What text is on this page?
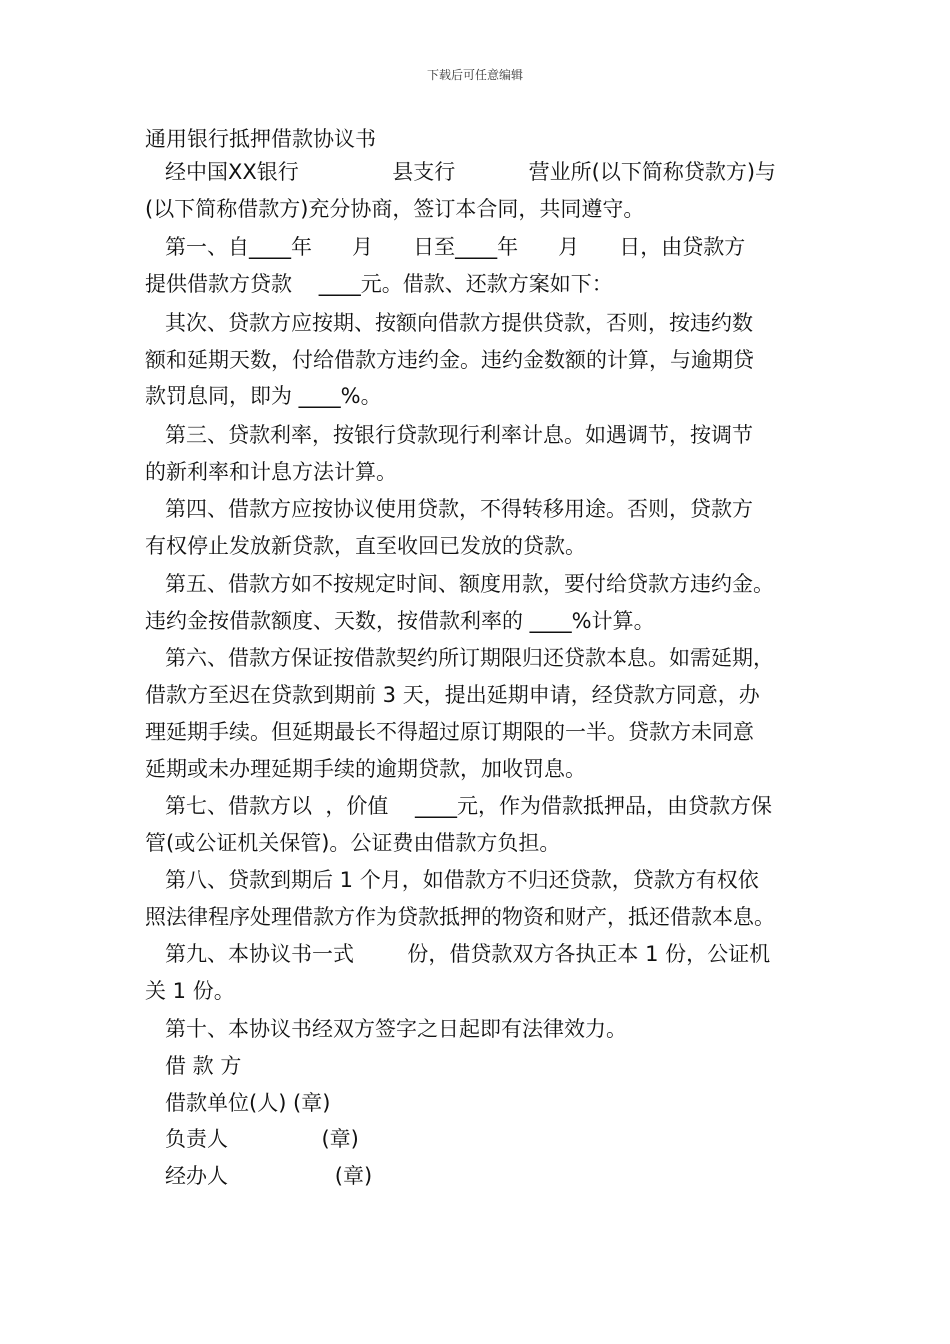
下载后可任意编辑
通用银行抵押借款协议书
经中国XX银行              县支行           营业所(以下简称贷款方)与
(以下简称借款方)充分协商，签订本合同，共同遵守。
第一、自____年      月      日至____年      月      日，由贷款方
提供借款方贷款    ____元。借款、还款方案如下：
其次、贷款方应按期、按额向借款方提供贷款，否则，按违约数
额和延期天数，付给借款方违约金。违约金数额的计算，与逾期贷
款罚息同，即为 ____%。
第三、贷款利率，按银行贷款现行利率计息。如遇调节，按调节
的新利率和计息方法计算。
第四、借款方应按协议使用贷款，不得转移用途。否则，贷款方
有权停止发放新贷款，直至收回已发放的贷款。
第五、借款方如不按规定时间、额度用款，要付给贷款方违约金。
违约金按借款额度、天数，按借款利率的 ____%计算。
第六、借款方保证按借款契约所订期限归还贷款本息。如需延期，
借款方至迟在贷款到期前 3 天，提出延期申请，经贷款方同意，办
理延期手续。但延期最长不得超过原订期限的一半。贷款方未同意
延期或未办理延期手续的逾期贷款，加收罚息。
第七、借款方以  ，价值    ____元，作为借款抵押品，由贷款方保
管(或公证机关保管)。公证费由借款方负担。
第八、贷款到期后 1 个月，如借款方不归还贷款，贷款方有权依
照法律程序处理借款方作为贷款抵押的物资和财产，抵还借款本息。
第九、本协议书一式        份，借贷款双方各执正本 1 份，公证机
关 1 份。
第十、本协议书经双方签字之日起即有法律效力。
借 款 方
借款单位(人) (章)
负责人              (章)
经办人                (章)
